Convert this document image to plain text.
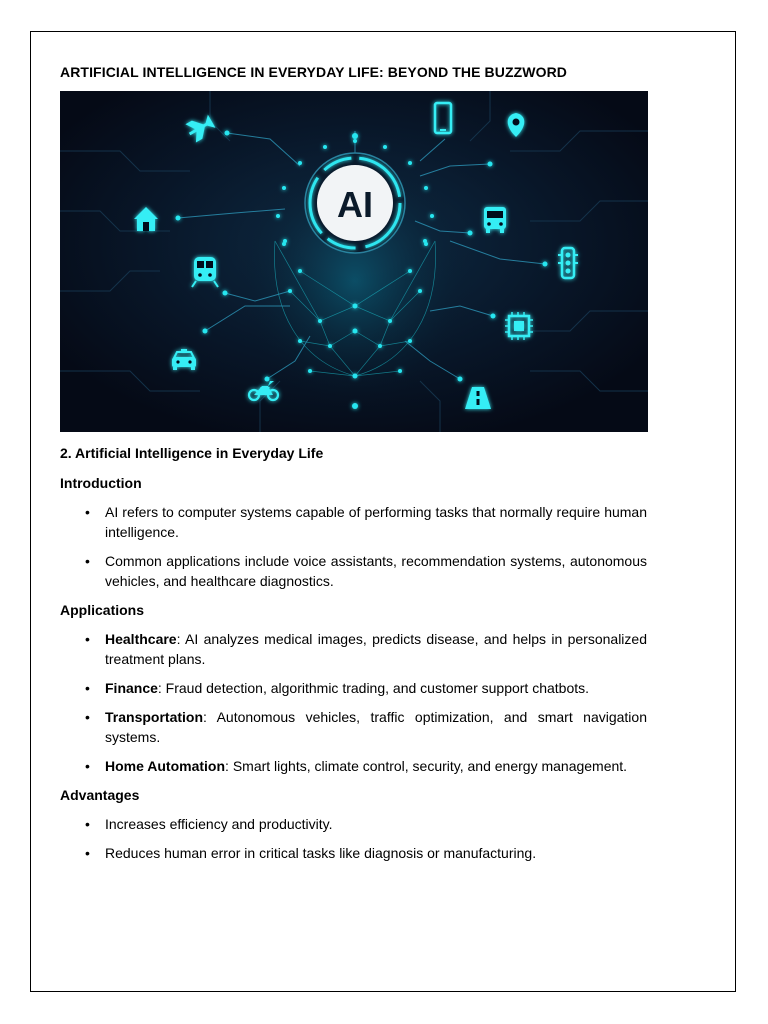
ARTIFICIAL INTELLIGENCE IN EVERYDAY LIFE: BEYOND THE BUZZWORD
AI
2. Artificial Intelligence in Everyday Life
Introduction
• AI refers to computer systems capable of performing tasks that normally require human intelligence.
• Common applications include voice assistants, recommendation systems, autonomous vehicles, and healthcare diagnostics.
Applications
• Healthcare: AI analyzes medical images, predicts disease, and helps in personalized treatment plans.
• Finance: Fraud detection, algorithmic trading, and customer support chatbots.
• Transportation: Autonomous vehicles, traffic optimization, and smart navigation systems.
• Home Automation: Smart lights, climate control, security, and energy management.
Advantages
• Increases efficiency and productivity.
• Reduces human error in critical tasks like diagnosis or manufacturing.
